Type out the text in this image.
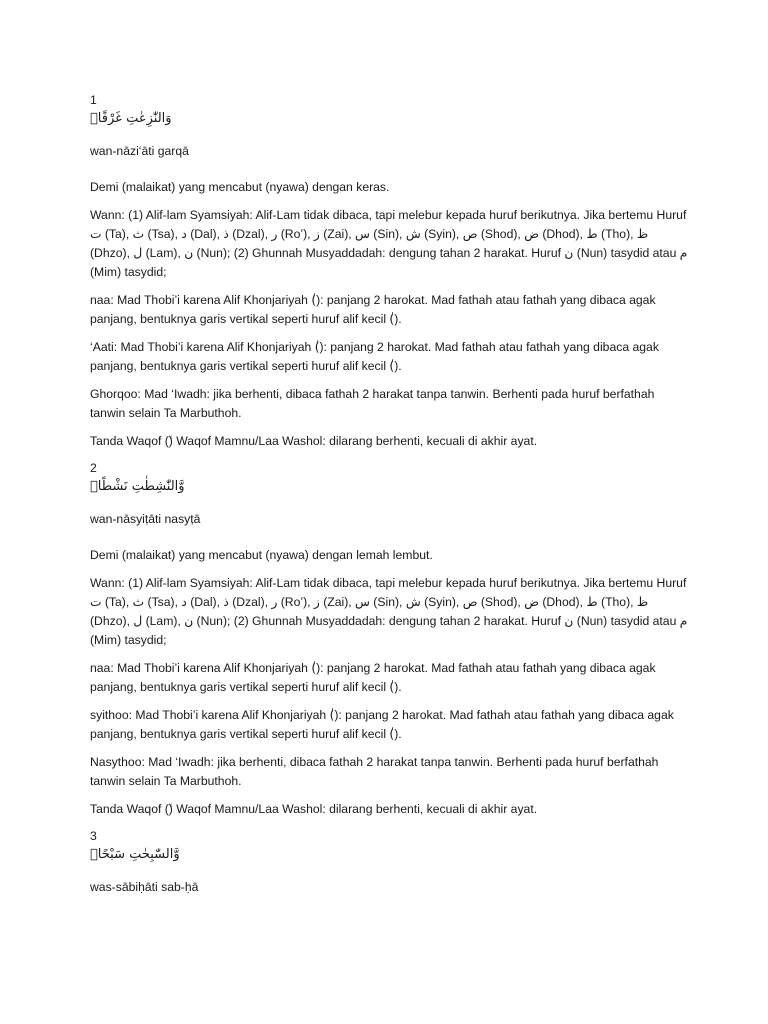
1
وَالنّٰزِعٰتِ غَرْقًاۙ

wan-nāzi‘āti garqā

Demi (malaikat) yang mencabut (nyawa) dengan keras.

Wann: (1) Alif-lam Syamsiyah: Alif-Lam tidak dibaca, tapi melebur kepada huruf berikutnya. Jika bertemu Huruf ت (Ta), ث (Tsa), د (Dal), ذ (Dzal), ر (Ro’), ز (Zai), س (Sin), ش (Syin), ص (Shod), ض (Dhod), ط (Tho), ظ (Dhzo), ل (Lam), ن (Nun); (2) Ghunnah Musyaddadah: dengung tahan 2 harakat. Huruf ن (Nun) tasydid atau م (Mim) tasydid;

naa: Mad Thobi’i karena Alif Khonjariyah (ٰ): panjang 2 harokat. Mad fathah atau fathah yang dibaca agak panjang, bentuknya garis vertikal seperti huruf alif kecil (ٰ).

‘Aati: Mad Thobi’i karena Alif Khonjariyah (ٰ): panjang 2 harokat. Mad fathah atau fathah yang dibaca agak panjang, bentuknya garis vertikal seperti huruf alif kecil (ٰ).

Ghorqoo: Mad ‘Iwadh: jika berhenti, dibaca fathah 2 harakat tanpa tanwin. Berhenti pada huruf berfathah tanwin selain Ta Marbuthoh.

Tanda Waqof (ۙ) Waqof Mamnu/Laa Washol: dilarang berhenti, kecuali di akhir ayat.

2
وَّالنّٰشِطٰتِ نَشْطًاۙ

wan-nāsyiṭāti nasyṭā

Demi (malaikat) yang mencabut (nyawa) dengan lemah lembut.

Wann: (1) Alif-lam Syamsiyah: Alif-Lam tidak dibaca, tapi melebur kepada huruf berikutnya. Jika bertemu Huruf ت (Ta), ث (Tsa), د (Dal), ذ (Dzal), ر (Ro’), ز (Zai), س (Sin), ش (Syin), ص (Shod), ض (Dhod), ط (Tho), ظ (Dhzo), ل (Lam), ن (Nun); (2) Ghunnah Musyaddadah: dengung tahan 2 harakat. Huruf ن (Nun) tasydid atau م (Mim) tasydid;

naa: Mad Thobi’i karena Alif Khonjariyah (ٰ): panjang 2 harokat. Mad fathah atau fathah yang dibaca agak panjang, bentuknya garis vertikal seperti huruf alif kecil (ٰ).

syithoo: Mad Thobi’i karena Alif Khonjariyah (ٰ): panjang 2 harokat. Mad fathah atau fathah yang dibaca agak panjang, bentuknya garis vertikal seperti huruf alif kecil (ٰ).

Nasythoo: Mad ‘Iwadh: jika berhenti, dibaca fathah 2 harakat tanpa tanwin. Berhenti pada huruf berfathah tanwin selain Ta Marbuthoh.

Tanda Waqof (ۙ) Waqof Mamnu/Laa Washol: dilarang berhenti, kecuali di akhir ayat.

3
وَّالسّٰبِحٰتِ سَبْحًاۙ

was-sābiḥāti sab-ḥā
